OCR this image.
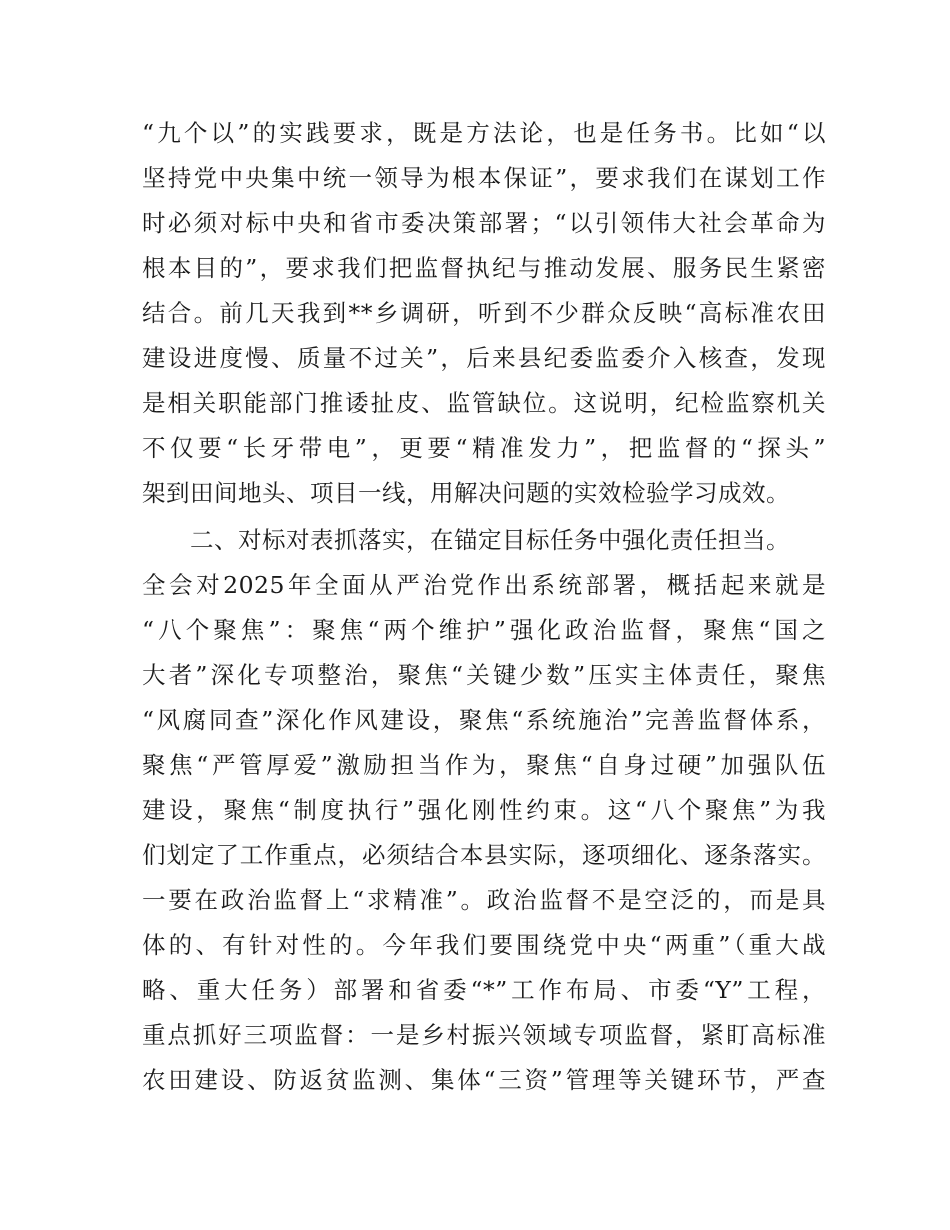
“九个以”的实践要求，既是方法论，也是任务书。比如“以
坚持党中央集中统一领导为根本保证”，要求我们在谋划工作
时必须对标中央和省市委决策部署；“以引领伟大社会革命为
根本目的”，要求我们把监督执纪与推动发展、服务民生紧密
结合。前几天我到**乡调研，听到不少群众反映“高标准农田
建设进度慢、质量不过关”，后来县纪委监委介入核查，发现
是相关职能部门推诿扯皮、监管缺位。这说明，纪检监察机关
不仅要“长牙带电”，更要“精准发力”，把监督的“探头”
架到田间地头、项目一线，用解决问题的实效检验学习成效。
二、对标对表抓落实，在锚定目标任务中强化责任担当。
全会对2025年全面从严治党作出系统部署，概括起来就是
“八个聚焦”：聚焦“两个维护”强化政治监督，聚焦“国之
大者”深化专项整治，聚焦“关键少数”压实主体责任，聚焦
“风腐同查”深化作风建设，聚焦“系统施治”完善监督体系，
聚焦“严管厚爱”激励担当作为，聚焦“自身过硬”加强队伍
建设，聚焦“制度执行”强化刚性约束。这“八个聚焦”为我
们划定了工作重点，必须结合本县实际，逐项细化、逐条落实。
一要在政治监督上“求精准”。政治监督不是空泛的，而是具
体的、有针对性的。今年我们要围绕党中央“两重”（重大战
略、重大任务）部署和省委“*”工作布局、市委“Y”工程，
重点抓好三项监督：一是乡村振兴领域专项监督，紧盯高标准
农田建设、防返贫监测、集体“三资”管理等关键环节，严查
